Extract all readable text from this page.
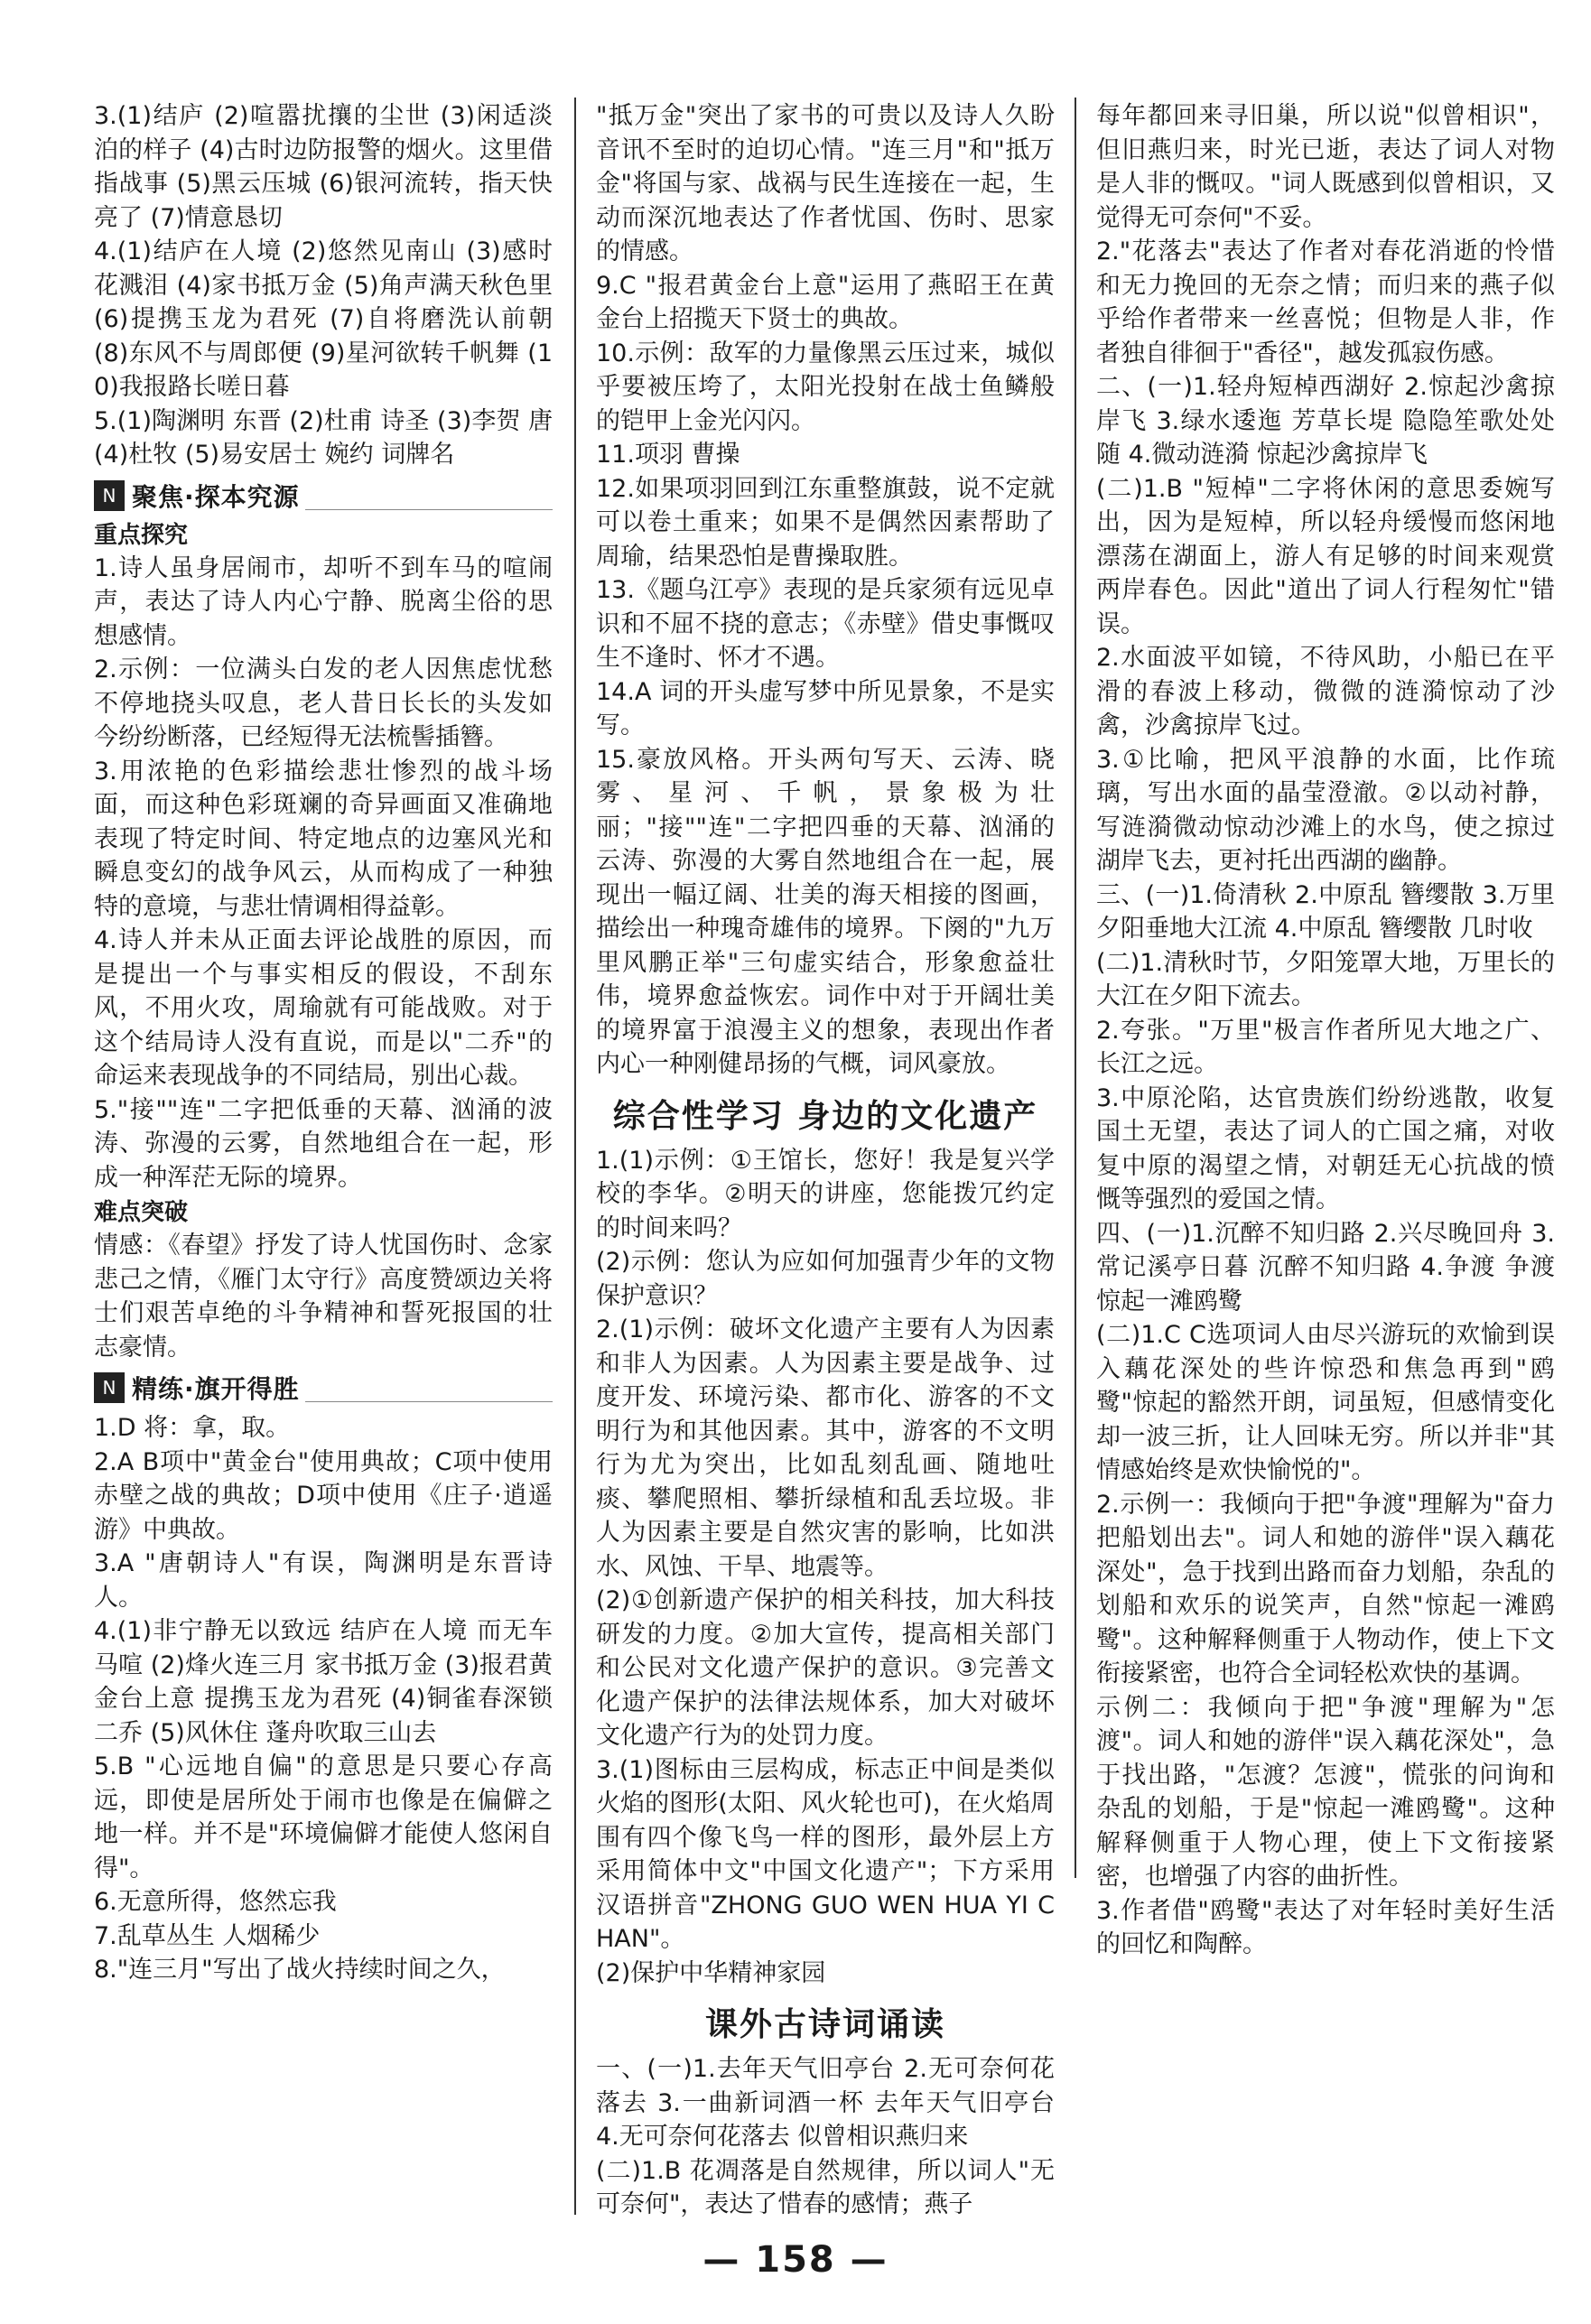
3.(1)结庐 (2)喧嚣扰攘的尘世 (3)闲适淡泊的样子 (4)古时边防报警的烟火。这里借指战事 (5)黑云压城 (6)银河流转，指天快亮了 (7)情意恳切

4.(1)结庐在人境 (2)悠然见南山 (3)感时花溅泪 (4)家书抵万金 (5)角声满天秋色里 (6)提携玉龙为君死 (7)自将磨洗认前朝 (8)东风不与周郎便 (9)星河欲转千帆舞 (10)我报路长嗟日暮

5.(1)陶渊明 东晋 (2)杜甫 诗圣 (3)李贺 唐 (4)杜牧 (5)易安居士 婉约 词牌名

N 聚焦·探本究源
重点探究

1.诗人虽身居闹市，却听不到车马的喧闹声，表达了诗人内心宁静、脱离尘俗的思想感情。

2.示例：一位满头白发的老人因焦虑忧愁不停地挠头叹息，老人昔日长长的头发如今纷纷断落，已经短得无法梳髻插簪。

3.用浓艳的色彩描绘悲壮惨烈的战斗场面，而这种色彩斑斓的奇异画面又准确地表现了特定时间、特定地点的边塞风光和瞬息变幻的战争风云，从而构成了一种独特的意境，与悲壮情调相得益彰。

4.诗人并未从正面去评论战胜的原因，而是提出一个与事实相反的假设，不刮东风，不用火攻，周瑜就有可能战败。对于这个结局诗人没有直说，而是以"二乔"的命运来表现战争的不同结局，别出心裁。

5."接""连"二字把低垂的天幕、汹涌的波涛、弥漫的云雾，自然地组合在一起，形成一种浑茫无际的境界。

难点突破

情感：《春望》抒发了诗人忧国伤时、念家悲己之情，《雁门太守行》高度赞颂边关将士们艰苦卓绝的斗争精神和誓死报国的壮志豪情。

N 精练·旗开得胜

1.D 将：拿，取。

2.A B项中"黄金台"使用典故；C项中使用赤壁之战的典故；D项中使用《庄子·逍遥游》中典故。

3.A "唐朝诗人"有误，陶渊明是东晋诗人。

4.(1)非宁静无以致远 结庐在人境 而无车马喧 (2)烽火连三月 家书抵万金 (3)报君黄金台上意 提携玉龙为君死 (4)铜雀春深锁二乔 (5)风休住 蓬舟吹取三山去

5.B "心远地自偏"的意思是只要心存高远，即使是居所处于闹市也像是在偏僻之地一样。并不是"环境偏僻才能使人悠闲自得"。

6.无意所得，悠然忘我

7.乱草丛生 人烟稀少

8."连三月"写出了战火持续时间之久，

"抵万金"突出了家书的可贵以及诗人久盼音讯不至时的迫切心情。"连三月"和"抵万金"将国与家、战祸与民生连接在一起，生动而深沉地表达了作者忧国、伤时、思家的情感。

9.C "报君黄金台上意"运用了燕昭王在黄金台上招揽天下贤士的典故。

10.示例：敌军的力量像黑云压过来，城似乎要被压垮了，太阳光投射在战士鱼鳞般的铠甲上金光闪闪。

11.项羽 曹操

12.如果项羽回到江东重整旗鼓，说不定就可以卷土重来；如果不是偶然因素帮助了周瑜，结果恐怕是曹操取胜。

13.《题乌江亭》表现的是兵家须有远见卓识和不屈不挠的意志；《赤壁》借史事慨叹生不逢时、怀才不遇。

14.A 词的开头虚写梦中所见景象，不是实写。

15.豪放风格。开头两句写天、云涛、晓雾、星河、千帆，景象极为壮丽；"接""连"二字把四垂的天幕、汹涌的云涛、弥漫的大雾自然地组合在一起，展现出一幅辽阔、壮美的海天相接的图画，描绘出一种瑰奇雄伟的境界。下阕的"九万里风鹏正举"三句虚实结合，形象愈益壮伟，境界愈益恢宏。词作中对于开阔壮美的境界富于浪漫主义的想象，表现出作者内心一种刚健昂扬的气概，词风豪放。

综合性学习 身边的文化遗产

1.(1)示例：①王馆长，您好！我是复兴学校的李华。②明天的讲座，您能拨冗约定的时间来吗？

(2)示例：您认为应如何加强青少年的文物保护意识？

2.(1)示例：破坏文化遗产主要有人为因素和非人为因素。人为因素主要是战争、过度开发、环境污染、都市化、游客的不文明行为和其他因素。其中，游客的不文明行为尤为突出，比如乱刻乱画、随地吐痰、攀爬照相、攀折绿植和乱丢垃圾。非人为因素主要是自然灾害的影响，比如洪水、风蚀、干旱、地震等。

(2)①创新遗产保护的相关科技，加大科技研发的力度。②加大宣传，提高相关部门和公民对文化遗产保护的意识。③完善文化遗产保护的法律法规体系，加大对破坏文化遗产行为的处罚力度。

3.(1)图标由三层构成，标志正中间是类似火焰的图形(太阳、风火轮也可)，在火焰周围有四个像飞鸟一样的图形，最外层上方采用简体中文"中国文化遗产"；下方采用汉语拼音"ZHONG GUO WEN HUA YI CHAN"。

(2)保护中华精神家园

课外古诗词诵读

一、(一)1.去年天气旧亭台 2.无可奈何花落去 3.一曲新词酒一杯 去年天气旧亭台 4.无可奈何花落去 似曾相识燕归来

(二)1.B 花凋落是自然规律，所以词人"无可奈何"，表达了惜春的感情；燕子

每年都回来寻旧巢，所以说"似曾相识"，但旧燕归来，时光已逝，表达了词人对物是人非的慨叹。"词人既感到似曾相识，又觉得无可奈何"不妥。

2."花落去"表达了作者对春花消逝的怜惜和无力挽回的无奈之情；而归来的燕子似乎给作者带来一丝喜悦；但物是人非，作者独自徘徊于"香径"，越发孤寂伤感。

二、(一)1.轻舟短棹西湖好 2.惊起沙禽掠岸飞 3.绿水逶迤 芳草长堤 隐隐笙歌处处随 4.微动涟漪 惊起沙禽掠岸飞

(二)1.B "短棹"二字将休闲的意思委婉写出，因为是短棹，所以轻舟缓慢而悠闲地漂荡在湖面上，游人有足够的时间来观赏两岸春色。因此"道出了词人行程匆忙"错误。

2.水面波平如镜，不待风助，小船已在平滑的春波上移动，微微的涟漪惊动了沙禽，沙禽掠岸飞过。

3.①比喻，把风平浪静的水面，比作琉璃，写出水面的晶莹澄澈。②以动衬静，写涟漪微动惊动沙滩上的水鸟，使之掠过湖岸飞去，更衬托出西湖的幽静。

三、(一)1.倚清秋 2.中原乱 簪缨散 3.万里夕阳垂地大江流 4.中原乱 簪缨散 几时收

(二)1.清秋时节，夕阳笼罩大地，万里长的大江在夕阳下流去。

2.夸张。"万里"极言作者所见大地之广、长江之远。

3.中原沦陷，达官贵族们纷纷逃散，收复国土无望，表达了词人的亡国之痛，对收复中原的渴望之情，对朝廷无心抗战的愤慨等强烈的爱国之情。

四、(一)1.沉醉不知归路 2.兴尽晚回舟 3.常记溪亭日暮 沉醉不知归路 4.争渡 争渡 惊起一滩鸥鹭

(二)1.C C选项词人由尽兴游玩的欢愉到误入藕花深处的些许惊恐和焦急再到"鸥鹭"惊起的豁然开朗，词虽短，但感情变化却一波三折，让人回味无穷。所以并非"其情感始终是欢快愉悦的"。

2.示例一：我倾向于把"争渡"理解为"奋力把船划出去"。词人和她的游伴"误入藕花深处"，急于找到出路而奋力划船，杂乱的划船和欢乐的说笑声，自然"惊起一滩鸥鹭"。这种解释侧重于人物动作，使上下文衔接紧密，也符合全词轻松欢快的基调。

示例二：我倾向于把"争渡"理解为"怎渡"。词人和她的游伴"误入藕花深处"，急于找出路，"怎渡？怎渡"，慌张的问询和杂乱的划船，于是"惊起一滩鸥鹭"。这种解释侧重于人物心理，使上下文衔接紧密，也增强了内容的曲折性。

3.作者借"鸥鹭"表达了对年轻时美好生活的回忆和陶醉。

— 158 —
